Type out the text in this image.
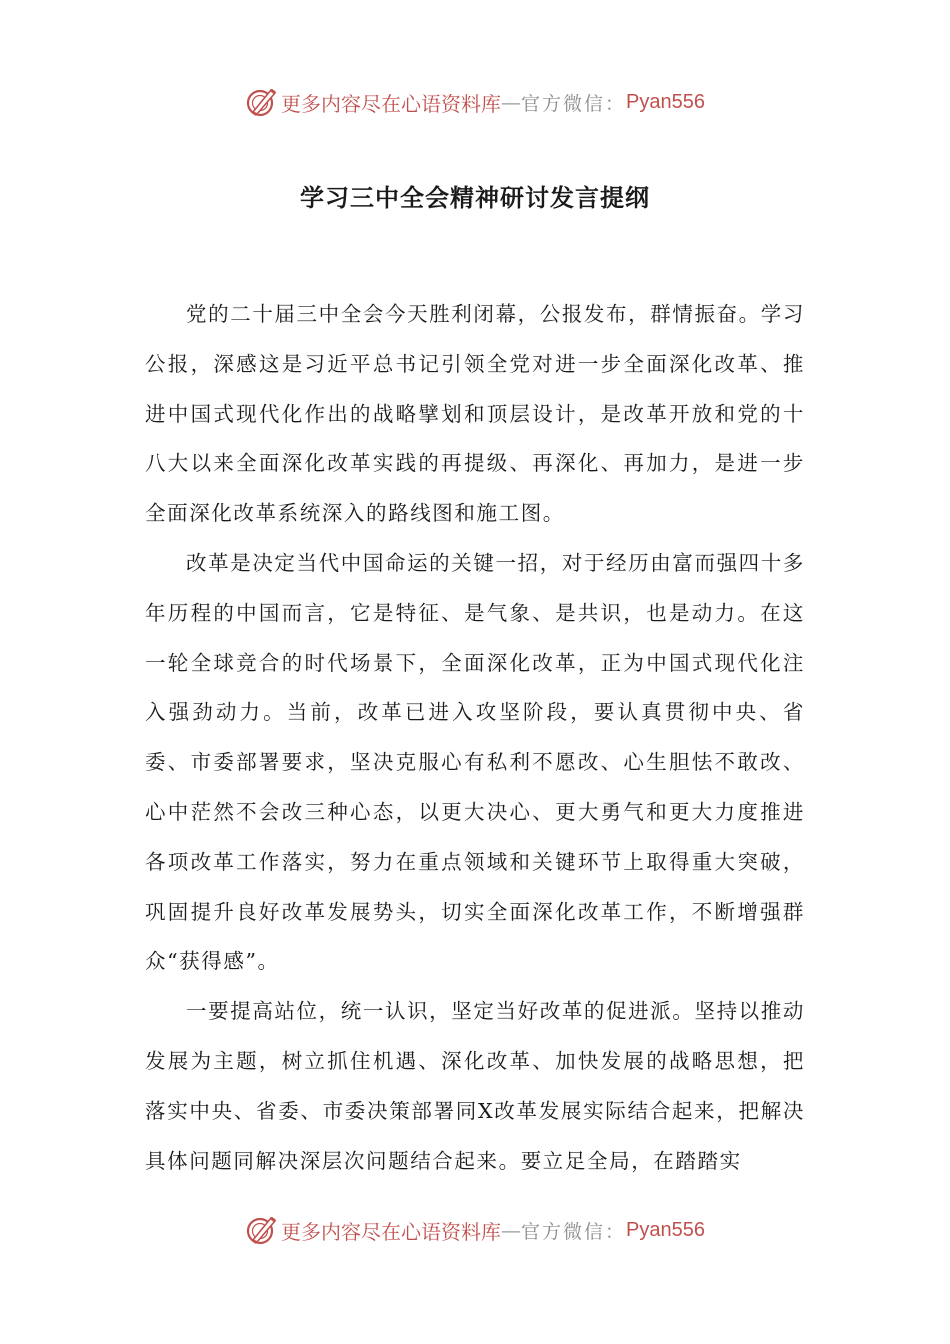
更多内容尽在心语资料库 — 官方微信： Pyan556
学习三中全会精神研讨发言提纲

党的二十届三中全会今天胜利闭幕，公报发布，群情振奋。学习公报，深感这是习近平总书记引领全党对进一步全面深化改革、推进中国式现代化作出的战略擘划和顶层设计，是改革开放和党的十八大以来全面深化改革实践的再提级、再深化、再加力，是进一步全面深化改革系统深入的路线图和施工图。

改革是决定当代中国命运的关键一招，对于经历由富而强四十多年历程的中国而言，它是特征、是气象、是共识，也是动力。在这一轮全球竞合的时代场景下，全面深化改革，正为中国式现代化注入强劲动力。当前，改革已进入攻坚阶段，要认真贯彻中央、省委、市委部署要求，坚决克服心有私利不愿改、心生胆怯不敢改、心中茫然不会改三种心态，以更大决心、更大勇气和更大力度推进各项改革工作落实，努力在重点领域和关键环节上取得重大突破，巩固提升良好改革发展势头，切实全面深化改革工作，不断增强群众“获得感”。

一要提高站位，统一认识，坚定当好改革的促进派。坚持以推动发展为主题，树立抓住机遇、深化改革、加快发展的战略思想，把落实中央、省委、市委决策部署同X改革发展实际结合起来，把解决具体问题同解决深层次问题结合起来。要立足全局，在踏踏实

更多内容尽在心语资料库 — 官方微信： Pyan556
